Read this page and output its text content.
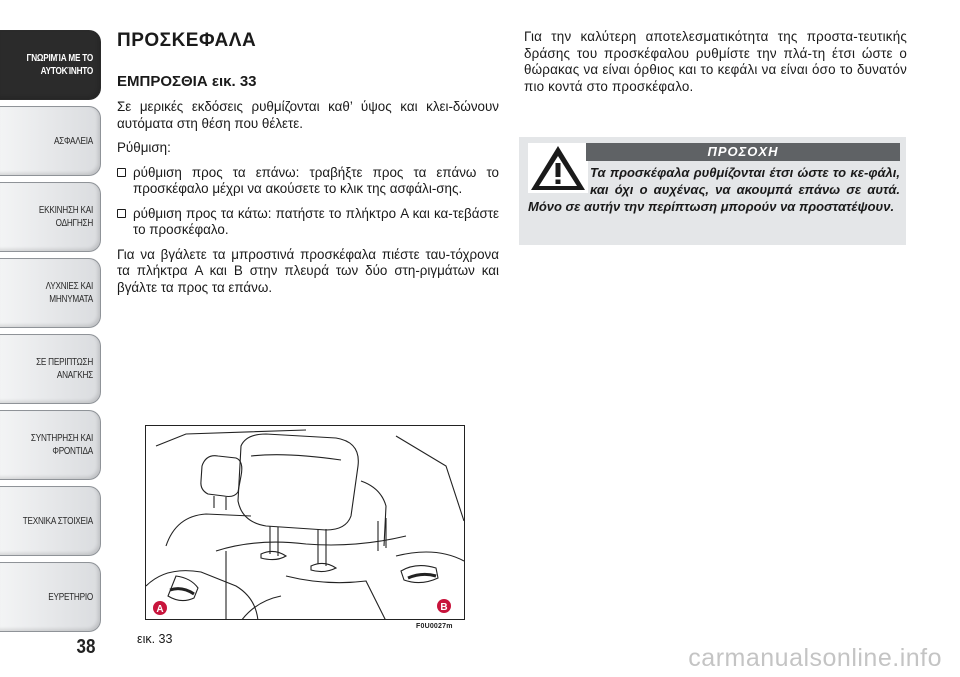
ΓΝΩΡΙΜΊΑ ΜΕ ΤΟ
ΑΥΤΟΚΊΝΗΤΟ
ΑΣΦΑΛΕΙΑ
ΕΚΚΙΝΗΣΗ ΚΑΙ
ΟΔΗΓΗΣΗ
ΛΥΧΝΙΕΣ ΚΑΙ
ΜΗΝΥΜΑΤΑ
ΣΕ ΠΕΡΙΠΤΩΣΗ
ΑΝΑΓΚΗΣ
ΣΥΝΤΗΡΗΣΗ ΚΑΙ
ΦΡΟΝΤΙΔΑ
ΤΕΧΝΙΚΑ ΣΤΟΙΧΕΙΑ
ΕΥΡΕΤΗΡΙΟ
38
ΠΡΟΣΚΕΦΑΛΑ
ΕΜΠΡΟΣΘΙΑ εικ. 33

Σε μερικές εκδόσεις ρυθμίζονται καθ’ ύψος και κλει-δώνουν αυτόματα στη θέση που θέλετε.

Ρύθμιση:

ρύθμιση προς τα επάνω: τραβήξτε προς τα επάνω το προσκέφαλο μέχρι να ακούσετε το κλικ της ασφάλι-σης.
ρύθμιση προς τα κάτω: πατήστε το πλήκτρο A και κα-τεβάστε το προσκέφαλο.

Για να βγάλετε τα μπροστινά προσκέφαλα πιέστε ταυ-τόχρονα τα πλήκτρα A και B στην πλευρά των δύο στη-ριγμάτων και βγάλτε τα προς τα επάνω.

Για την καλύτερη αποτελεσματικότητα της προστα-τευτικής δράσης του προσκέφαλου ρυθμίστε την πλά-τη έτσι ώστε ο θώρακας να είναι όρθιος και το κεφάλι να είναι όσο το δυνατόν πιο κοντά στο προσκέφαλο.
ΠΡΟΣΟΧΗ
Τα προσκέφαλα ρυθμίζονται έτσι ώστε το κε-φάλι, και όχι ο αυχένας, να ακουμπά επάνω σε αυτά. Μόνο σε αυτήν την περίπτωση μπορούν να προστατέψουν.
A	B
F0U0027m
εικ. 33
carmanualsonline.info
